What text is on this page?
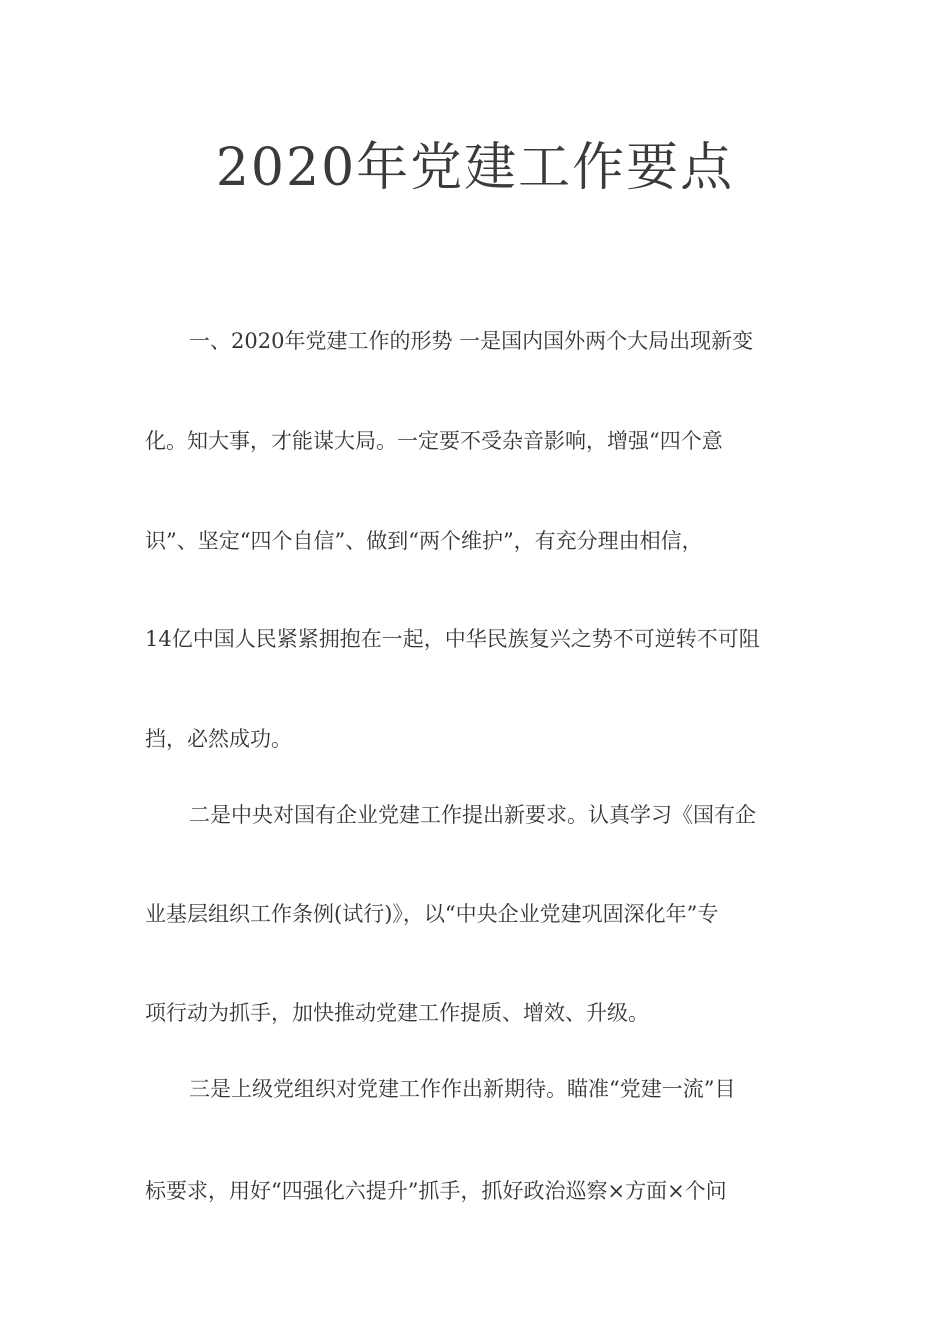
2020年党建工作要点

一、2020年党建工作的形势 一是国内国外两个大局出现新变

化。知大事，才能谋大局。一定要不受杂音影响，增强“四个意

识”、坚定“四个自信”、做到“两个维护”，有充分理由相信，

14亿中国人民紧紧拥抱在一起，中华民族复兴之势不可逆转不可阻

挡，必然成功。

二是中央对国有企业党建工作提出新要求。认真学习《国有企

业基层组织工作条例(试行)》，以“中央企业党建巩固深化年”专

项行动为抓手，加快推动党建工作提质、增效、升级。

三是上级党组织对党建工作作出新期待。瞄准“党建一流”目

标要求，用好“四强化六提升”抓手，抓好政治巡察×方面×个问
